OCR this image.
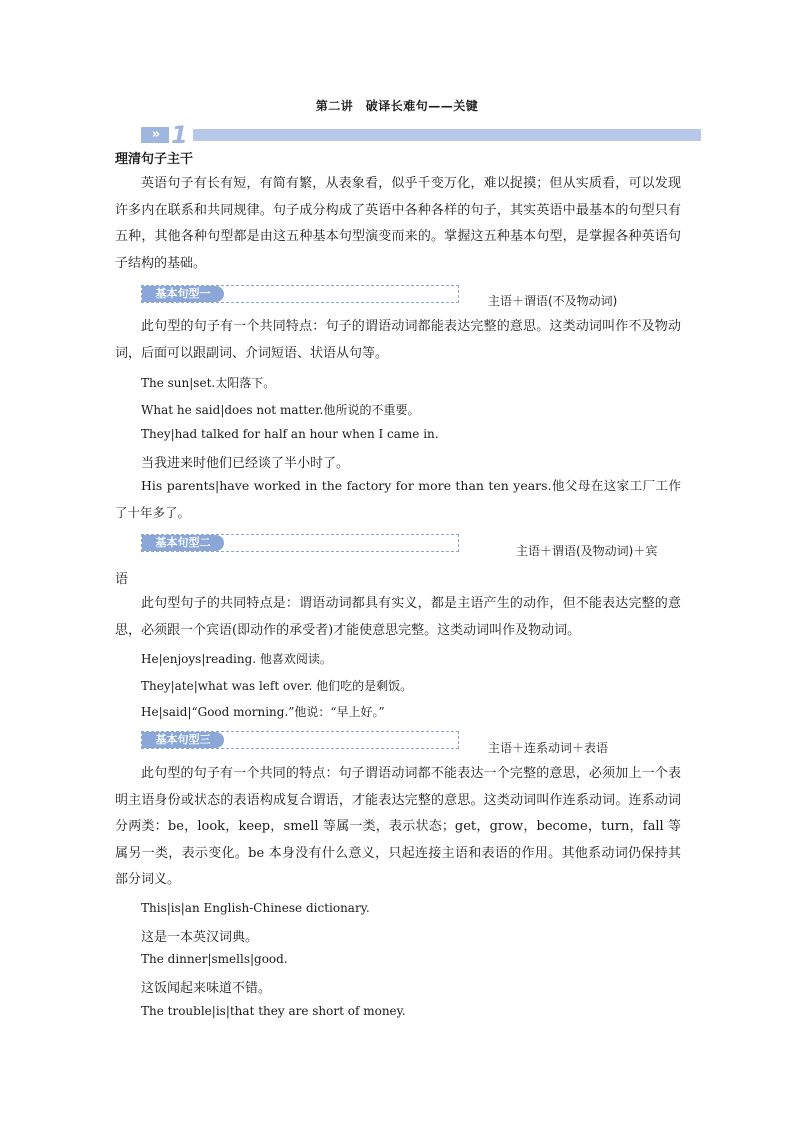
第二讲　破译长难句——关键
» 1
理清句子主干
英语句子有长有短，有简有繁，从表象看，似乎千变万化，难以捉摸；但从实质看，可以发现许多内在联系和共同规律。句子成分构成了英语中各种各样的句子，其实英语中最基本的句型只有五种，其他各种句型都是由这五种基本句型演变而来的。掌握这五种基本句型，是掌握各种英语句子结构的基础。
基本句型一
主语＋谓语(不及物动词)
此句型的句子有一个共同特点：句子的谓语动词都能表达完整的意思。这类动词叫作不及物动词，后面可以跟副词、介词短语、状语从句等。
The sun|set.太阳落下。
What he said|does not matter.他所说的不重要。
They|had talked for half an hour when I came in.
当我进来时他们已经谈了半小时了。
His parents|have worked in the factory for more than ten years.他父母在这家工厂工作了十年多了。
基本句型二
主语＋谓语(及物动词)＋宾
语
此句型句子的共同特点是：谓语动词都具有实义，都是主语产生的动作，但不能表达完整的意思，必须跟一个宾语(即动作的承受者)才能使意思完整。这类动词叫作及物动词。
He|enjoys|reading. 他喜欢阅读。
They|ate|what was left over. 他们吃的是剩饭。
He|said|“Good morning.”他说：“早上好。”
基本句型三
主语＋连系动词＋表语
此句型的句子有一个共同的特点：句子谓语动词都不能表达一个完整的意思，必须加上一个表明主语身份或状态的表语构成复合谓语，才能表达完整的意思。这类动词叫作连系动词。连系动词分两类：be，look，keep，smell 等属一类，表示状态；get，grow，become，turn，fall 等属另一类，表示变化。be 本身没有什么意义，只起连接主语和表语的作用。其他系动词仍保持其部分词义。
This|is|an English-Chinese dictionary.
这是一本英汉词典。
The dinner|smells|good.
这饭闻起来味道不错。
The trouble|is|that they are short of money.
